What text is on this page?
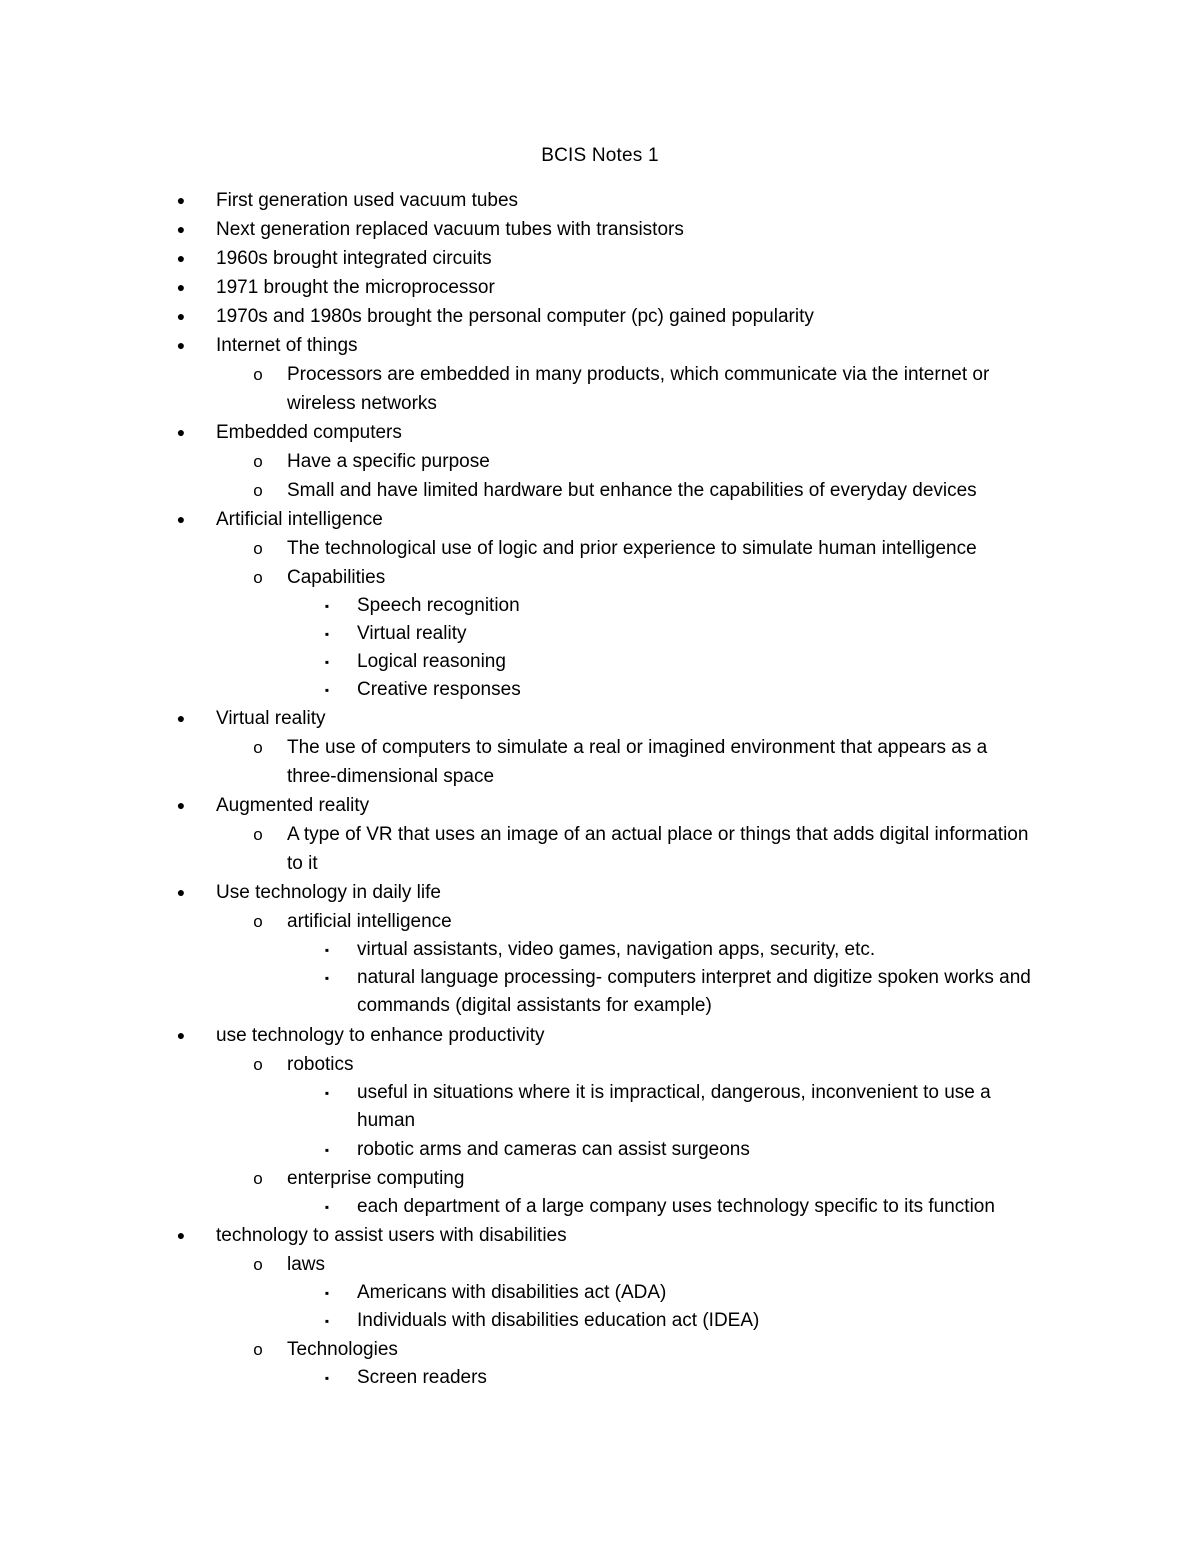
BCIS Notes 1
●	First generation used vacuum tubes
●	Next generation replaced vacuum tubes with transistors
●	1960s brought integrated circuits
●	1971 brought the microprocessor
●	1970s and 1980s brought the personal computer (pc) gained popularity
●	Internet of things
o Processors are embedded in many products, which communicate via the internet or wireless networks
●	Embedded computers
o Have a specific purpose
o Small and have limited hardware but enhance the capabilities of everyday devices
●	Artificial intelligence
o The technological use of logic and prior experience to simulate human intelligence
o Capabilities
▪	Speech recognition
▪	Virtual reality
▪	Logical reasoning
▪	Creative responses
●	Virtual reality
o The use of computers to simulate a real or imagined environment that appears as a three-dimensional space
●	Augmented reality
o A type of VR that uses an image of an actual place or things that adds digital information to it
●	Use technology in daily life
o artificial intelligence
▪	virtual assistants, video games, navigation apps, security, etc.
▪	natural language processing- computers interpret and digitize spoken works and commands (digital assistants for example)
●	use technology to enhance productivity
o robotics
▪	useful in situations where it is impractical, dangerous, inconvenient to use a human
▪	robotic arms and cameras can assist surgeons
o enterprise computing
▪	each department of a large company uses technology specific to its function
●	technology to assist users with disabilities
o laws
▪	Americans with disabilities act (ADA)
▪	Individuals with disabilities education act (IDEA)
o Technologies
▪	Screen readers
